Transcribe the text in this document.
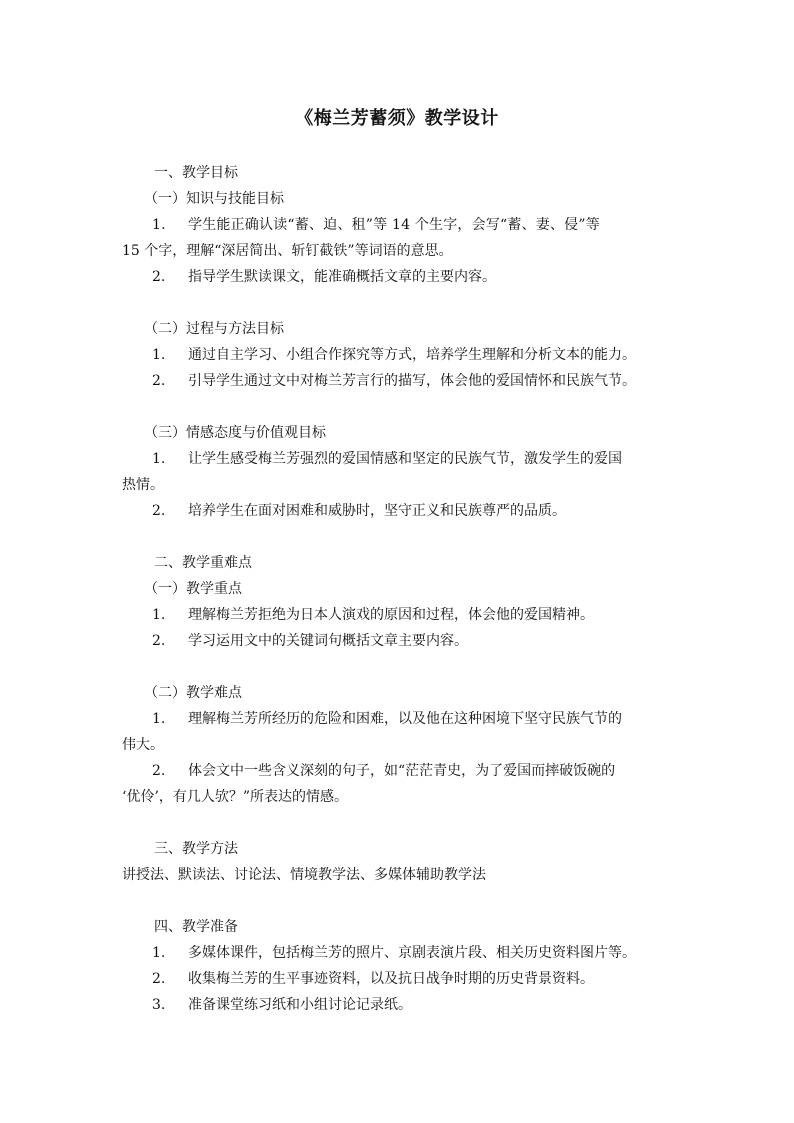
《梅兰芳蓄须》教学设计
一、教学目标
（一）知识与技能目标
1. 学生能正确认读“蓄、迫、租”等 14 个生字，会写“蓄、妻、侵”等
15 个字，理解“深居简出、斩钉截铁”等词语的意思。
2. 指导学生默读课文，能准确概括文章的主要内容。
（二）过程与方法目标
1. 通过自主学习、小组合作探究等方式，培养学生理解和分析文本的能力。
2. 引导学生通过文中对梅兰芳言行的描写，体会他的爱国情怀和民族气节。
（三）情感态度与价值观目标
1. 让学生感受梅兰芳强烈的爱国情感和坚定的民族气节，激发学生的爱国
热情。
2. 培养学生在面对困难和威胁时，坚守正义和民族尊严的品质。
二、教学重难点
（一）教学重点
1. 理解梅兰芳拒绝为日本人演戏的原因和过程，体会他的爱国精神。
2. 学习运用文中的关键词句概括文章主要内容。
（二）教学难点
1. 理解梅兰芳所经历的危险和困难，以及他在这种困境下坚守民族气节的
伟大。
2. 体会文中一些含义深刻的句子，如“茫茫青史，为了爱国而摔破饭碗的
‘优伶’，有几人欤？”所表达的情感。
三、教学方法
讲授法、默读法、讨论法、情境教学法、多媒体辅助教学法
四、教学准备
1. 多媒体课件，包括梅兰芳的照片、京剧表演片段、相关历史资料图片等。
2. 收集梅兰芳的生平事迹资料，以及抗日战争时期的历史背景资料。
3. 准备课堂练习纸和小组讨论记录纸。
